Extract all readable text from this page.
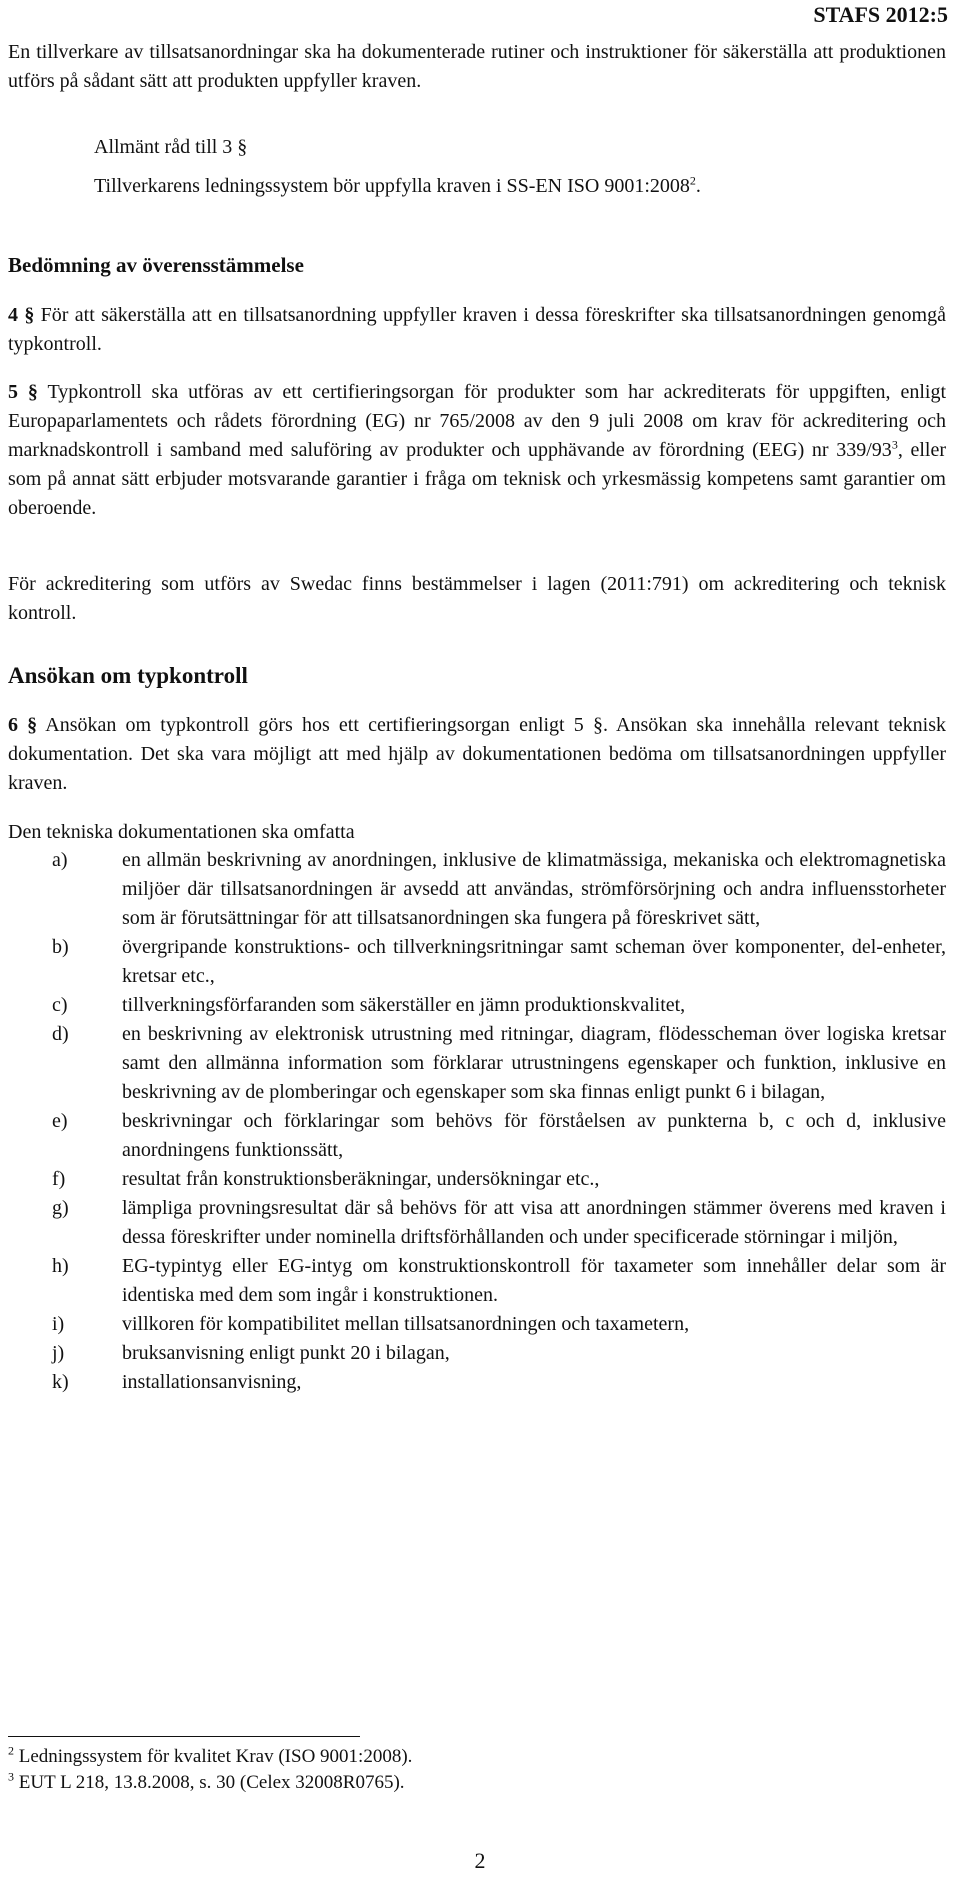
STAFS 2012:5

En tillverkare av tillsatsanordningar ska ha dokumenterade rutiner och instruktioner för säkerställa att produktionen utförs på sådant sätt att produkten uppfyller kraven.

Allmänt råd till 3 §

Tillverkarens ledningssystem bör uppfylla kraven i SS-EN ISO 9001:2008$^2$.

Bedömning av överensstämmelse

4 § För att säkerställa att en tillsatsanordning uppfyller kraven i dessa föreskrifter ska tillsatsanordningen genomgå typkontroll.

5 § Typkontroll ska utföras av ett certifieringsorgan för produkter som har ackrediterats för uppgiften, enligt Europaparlamentets och rådets förordning (EG) nr 765/2008 av den 9 juli 2008 om krav för ackreditering och marknadskontroll i samband med saluföring av produkter och upphävande av förordning (EEG) nr $339/93^3$, eller som på annat sätt erbjuder motsvarande garantier i fråga om teknisk och yrkesmässig kompetens samt garantier om oberoende.

För ackreditering som utförs av Swedac finns bestämmelser i lagen (2011:791) om ackreditering och teknisk kontroll.

Ansökan om typkontroll

6 § Ansökan om typkontroll görs hos ett certifieringsorgan enligt 5 §. Ansökan ska innehålla relevant teknisk dokumentation. Det ska vara möjligt att med hjälp av dokumentationen bedöma om tillsatsanordningen uppfyller kraven.

Den tekniska dokumentationen ska omfatta

a)	en allmän beskrivning av anordningen, inklusive de klimatmässiga, mekaniska och elektromagnetiska miljöer där tillsatsanordningen är avsedd att användas, strömförsörjning och andra influensstorheter som är förutsättningar för att tillsatsanordningen ska fungera på föreskrivet sätt,
b)	övergripande konstruktions- och tillverkningsritningar samt scheman över komponenter, del-enheter, kretsar etc.,
c)	tillverkningsförfaranden som säkerställer en jämn produktionskvalitet,
d)	en beskrivning av elektronisk utrustning med ritningar, diagram, flödesscheman över logiska kretsar samt den allmänna information som förklarar utrustningens egenskaper och funktion, inklusive en beskrivning av de plomberingar och egenskaper som ska finnas enligt punkt 6 i bilagan,
e)	beskrivningar och förklaringar som behövs för förståelsen av punkterna b, c och d, inklusive anordningens funktionssätt,
f)	resultat från konstruktionsberäkningar, undersökningar etc.,
g)	lämpliga provningsresultat där så behövs för att visa att anordningen stämmer överens med kraven i dessa föreskrifter under nominella driftsförhållanden och under specificerade störningar i miljön,
h)	EG-typintyg eller EG-intyg om konstruktionskontroll för taxameter som innehåller delar som är identiska med dem som ingår i konstruktionen.
i)	villkoren för kompatibilitet mellan tillsatsanordningen och taxametern,
j)	bruksanvisning enligt punkt 20 i bilagan,
k)	installationsanvisning,

$^2$ Ledningssystem för kvalitet Krav (ISO 9001:2008).

$^3$ EUT L 218, 13.8.2008, s. 30 (Celex 32008R0765).

2
